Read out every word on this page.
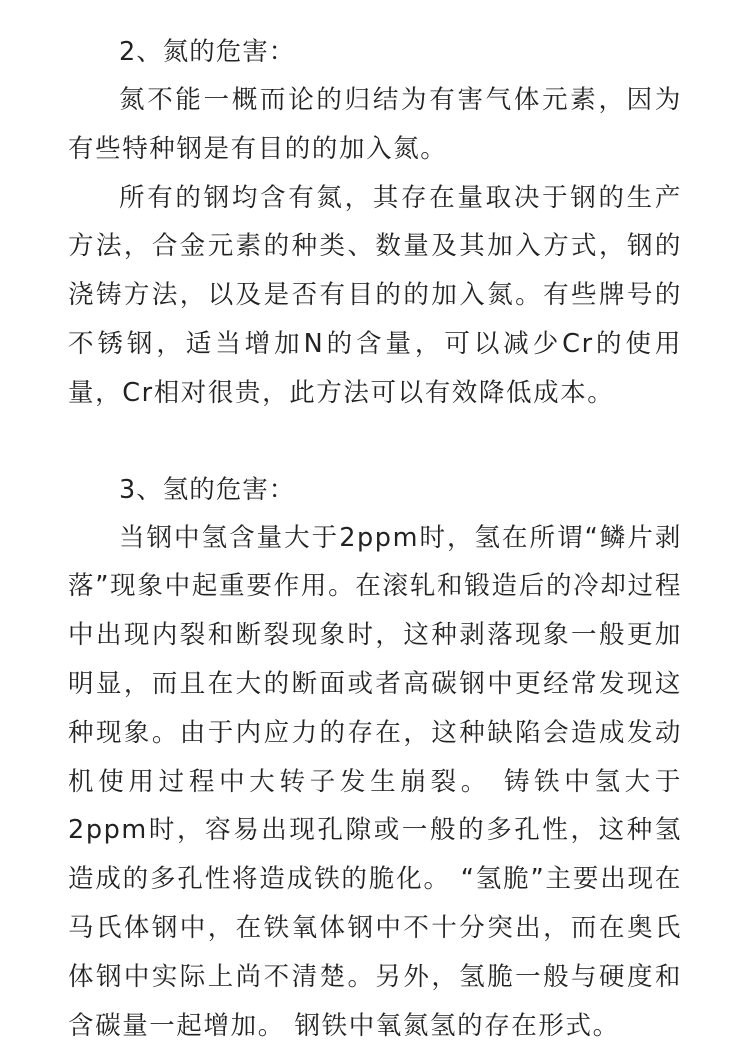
2、氮的危害：

氮不能一概而论的归结为有害气体元素，因为有些特种钢是有目的的加入氮。

所有的钢均含有氮，其存在量取决于钢的生产方法，合金元素的种类、数量及其加入方式，钢的浇铸方法，以及是否有目的的加入氮。有些牌号的不锈钢，适当增加N的含量，可以减少Cr的使用量，Cr相对很贵，此方法可以有效降低成本。

3、氢的危害：

当钢中氢含量大于2ppm时，氢在所谓“鳞片剥落”现象中起重要作用。在滚轧和锻造后的冷却过程中出现内裂和断裂现象时，这种剥落现象一般更加明显，而且在大的断面或者高碳钢中更经常发现这种现象。由于内应力的存在，这种缺陷会造成发动机使用过程中大转子发生崩裂。 铸铁中氢大于2ppm时，容易出现孔隙或一般的多孔性，这种氢造成的多孔性将造成铁的脆化。 “氢脆”主要出现在马氏体钢中，在铁氧体钢中不十分突出，而在奥氏体钢中实际上尚不清楚。另外，氢脆一般与硬度和含碳量一起增加。 钢铁中氧氮氢的存在形式。
